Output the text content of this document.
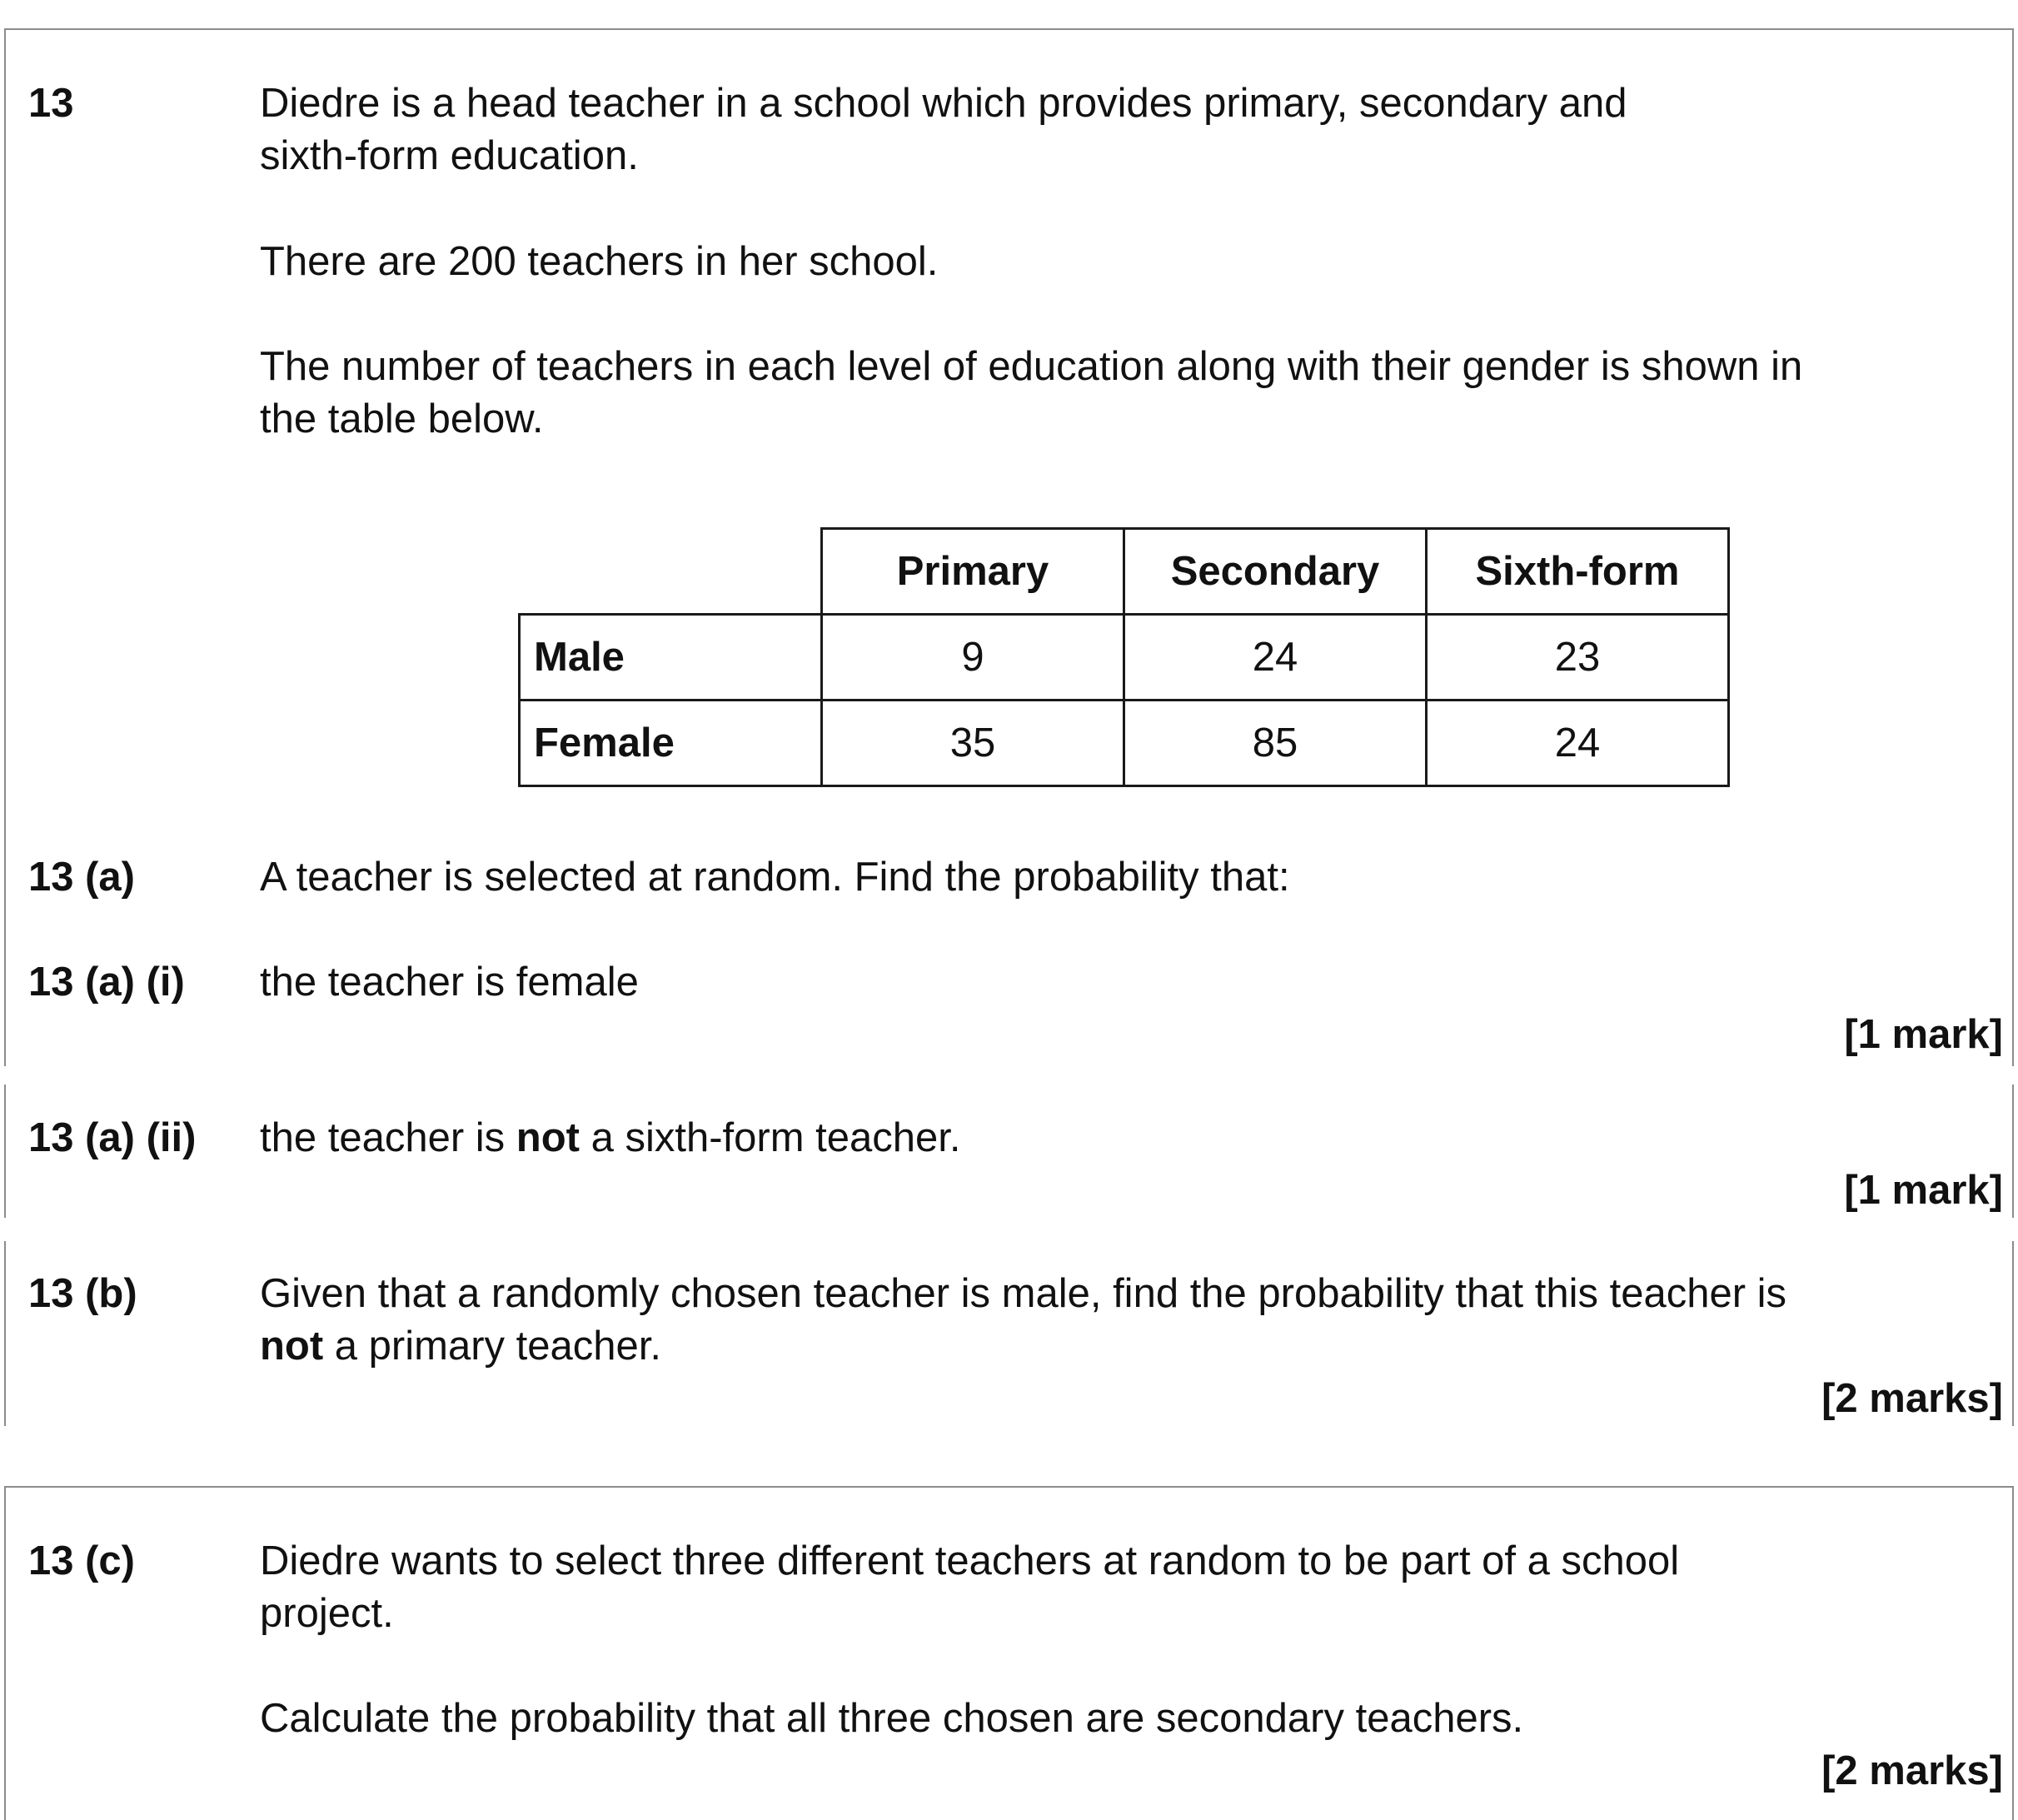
13	Diedre is a head teacher in a school which provides primary, secondary and
sixth-form education.
There are 200 teachers in her school.
The number of teachers in each level of education along with their gender is shown in
the table below.
	Primary	Secondary	Sixth-form
Male	9	24	23
Female	35	85	24
13 (a)	A teacher is selected at random. Find the probability that:
13 (a) (i) the teacher is female
[1 mark]
13 (a) (ii) the teacher is not a sixth-form teacher.
[1 mark]
13 (b)	Given that a randomly chosen teacher is male, find the probability that this teacher is
not a primary teacher.
[2 marks]
13 (c)	Diedre wants to select three different teachers at random to be part of a school
project.
Calculate the probability that all three chosen are secondary teachers.
[2 marks]
